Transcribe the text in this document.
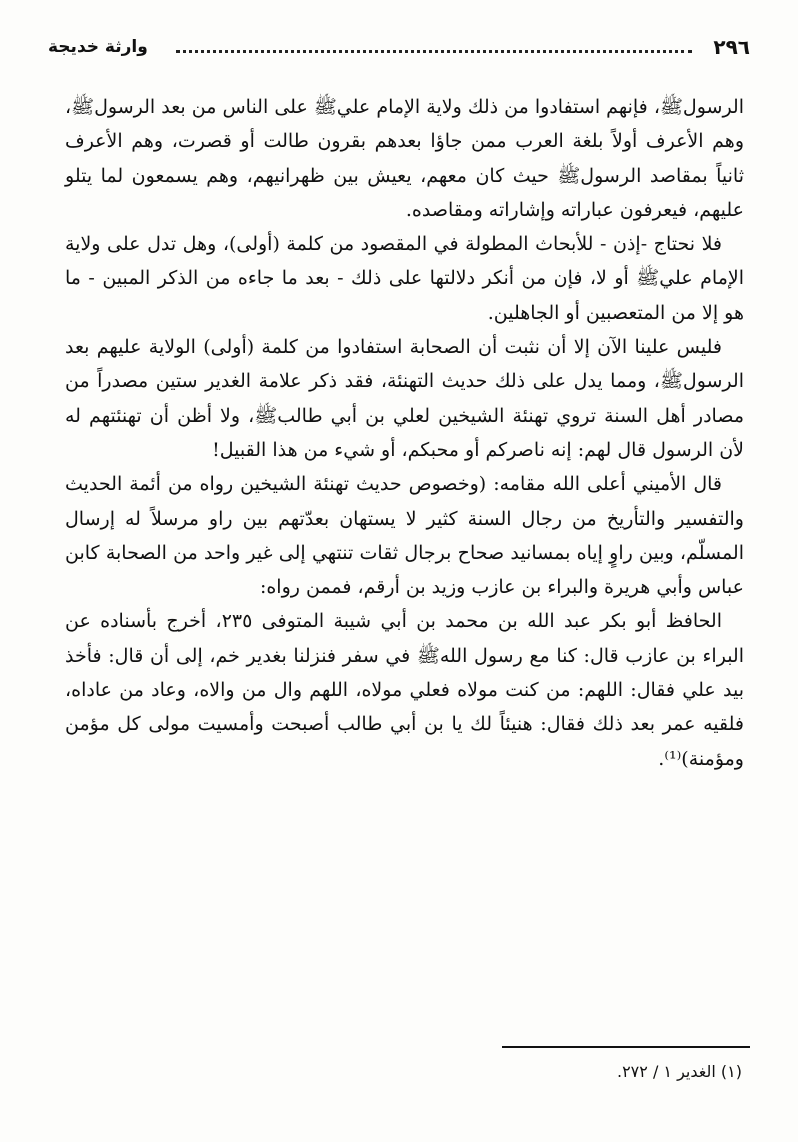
٢٩٦
وارثة خديجة

الرسولﷺ، فإنهم استفادوا من ذلك ولاية الإمام عليﷺ على الناس من بعد الرسولﷺ، وهم الأعرف أولاً بلغة العرب ممن جاؤا بعدهم بقرون طالت أو قصرت، وهم الأعرف ثانياً بمقاصد الرسولﷺ حيث كان معهم، يعيش بين ظهرانيهم، وهم يسمعون لما يتلو عليهم، فيعرفون عباراته وإشاراته ومقاصده.

فلا نحتاج -إذن - للأبحاث المطولة في المقصود من كلمة (أولى)، وهل تدل على ولاية الإمام عليﷺ أو لا، فإن من أنكر دلالتها على ذلك - بعد ما جاءه من الذكر المبين - ما هو إلا من المتعصبين أو الجاهلين.

فليس علينا الآن إلا أن نثبت أن الصحابة استفادوا من كلمة (أولى) الولاية عليهم بعد الرسولﷺ، ومما يدل على ذلك حديث التهنئة، فقد ذكر علامة الغدير ستين مصدراً من مصادر أهل السنة تروي تهنئة الشيخين لعلي بن أبي طالبﷺ، ولا أظن أن تهنئتهم له لأن الرسول قال لهم: إنه ناصركم أو محبكم، أو شيء من هذا القبيل!

قال الأميني أعلى الله مقامه: (وخصوص حديث تهنئة الشيخين رواه من أئمة الحديث والتفسير والتأريخ من رجال السنة كثير لا يستهان بعدّتهم بين راو مرسلاً له إرسال المسلّم، وبين راوٍ إياه بمسانيد صحاح برجال ثقات تنتهي إلى غير واحد من الصحابة كابن عباس وأبي هريرة والبراء بن عازب وزيد بن أرقم، فممن رواه:

الحافظ أبو بكر عبد الله بن محمد بن أبي شيبة المتوفى ٢٣٥، أخرج بأسناده عن البراء بن عازب قال: كنا مع رسول اللهﷺ في سفر فنزلنا بغدير خم، إلى أن قال: فأخذ بيد علي فقال: اللهم: من كنت مولاه فعلي مولاه، اللهم وال من والاه، وعاد من عاداه، فلقيه عمر بعد ذلك فقال: هنيئاً لك يا بن أبي طالب أصبحت وأمسيت مولى كل مؤمن ومؤمنة)⁽¹⁾.

(١) الغدير ١ / ٢٧٢.
